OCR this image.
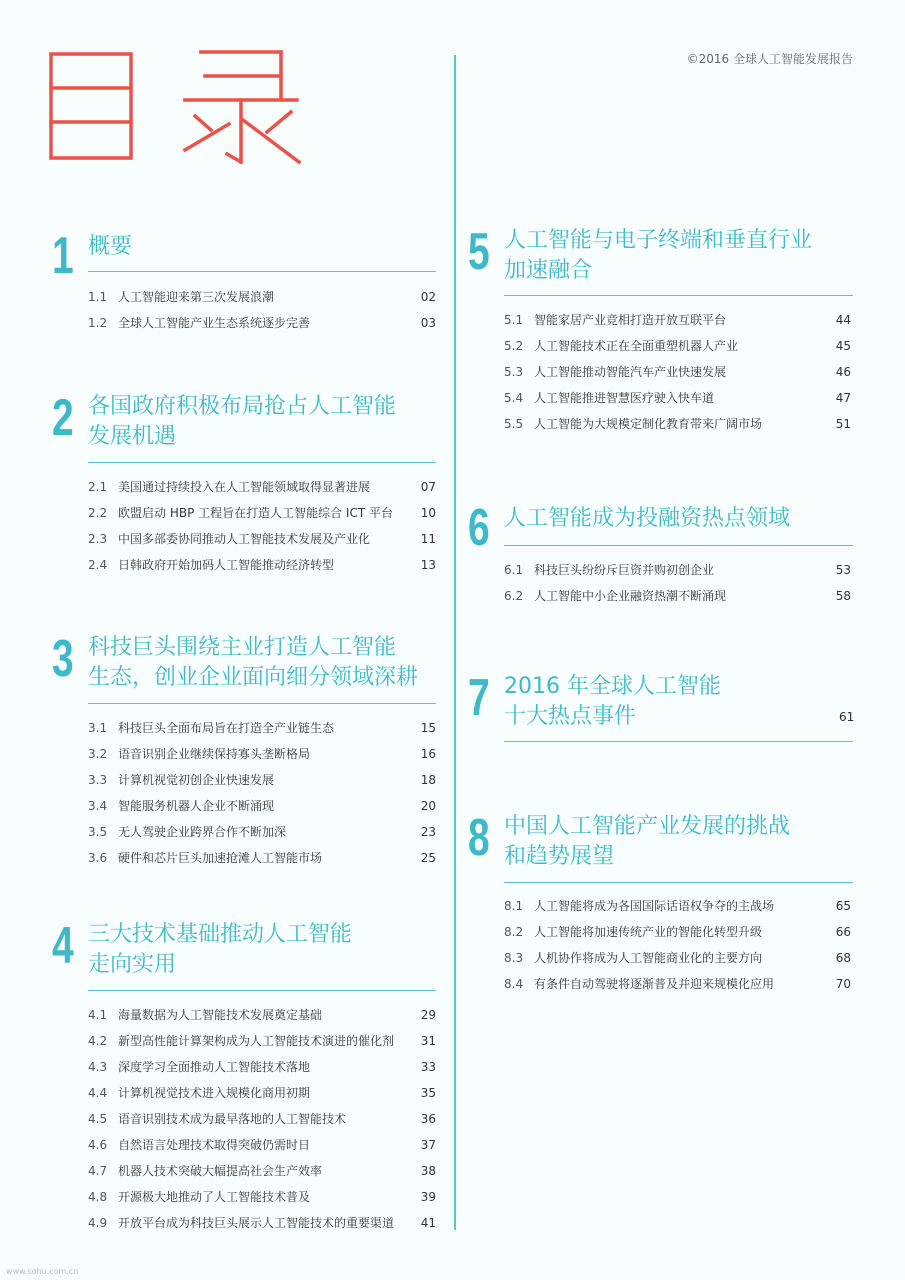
©2016 全球人工智能发展报告
1 概要
1.1 人工智能迎来第三次发展浪潮	02
1.2 全球人工智能产业生态系统逐步完善	03
2 各国政府积极布局抢占人工智能
发展机遇
2.1 美国通过持续投入在人工智能领域取得显著进展	07
2.2 欧盟启动 HBP 工程旨在打造人工智能综合 ICT 平台 10
2.3 中国多部委协同推动人工智能技术发展及产业化	11
2.4 日韩政府开始加码人工智能推动经济转型	13
3 科技巨头围绕主业打造人工智能
生态，创业企业面向细分领域深耕
3.1 科技巨头全面布局旨在打造全产业链生态	15
3.2 语音识别企业继续保持寡头垄断格局	16
3.3 计算机视觉初创企业快速发展	18
3.4 智能服务机器人企业不断涌现	20
3.5 无人驾驶企业跨界合作不断加深	23
3.6 硬件和芯片巨头加速抢滩人工智能市场	25
4 三大技术基础推动人工智能
走向实用
4.1 海量数据为人工智能技术发展奠定基础	29
4.2 新型高性能计算架构成为人工智能技术演进的催化剂 31
4.3 深度学习全面推动人工智能技术落地	33
4.4 计算机视觉技术进入规模化商用初期	35
4.5 语音识别技术成为最早落地的人工智能技术	36
4.6 自然语言处理技术取得突破仍需时日	37
4.7 机器人技术突破大幅提高社会生产效率	38
4.8 开源极大地推动了人工智能技术普及	39
4.9 开放平台成为科技巨头展示人工智能技术的重要渠道 41
5 人工智能与电子终端和垂直行业
加速融合
5.1 智能家居产业竞相打造开放互联平台	44
5.2 人工智能技术正在全面重塑机器人产业	45
5.3 人工智能推动智能汽车产业快速发展	46
5.4 人工智能推进智慧医疗驶入快车道	47
5.5 人工智能为大规模定制化教育带来广阔市场	51
6 人工智能成为投融资热点领域
6.1 科技巨头纷纷斥巨资并购初创企业	53
6.2 人工智能中小企业融资热潮不断涌现	58
7 2016 年全球人工智能
十大热点事件	61
8 中国人工智能产业发展的挑战
和趋势展望
8.1 人工智能将成为各国国际话语权争夺的主战场	65
8.2 人工智能将加速传统产业的智能化转型升级	66
8.3 人机协作将成为人工智能商业化的主要方向	68
8.4 有条件自动驾驶将逐渐普及并迎来规模化应用	70
www.sohu.com.cn
